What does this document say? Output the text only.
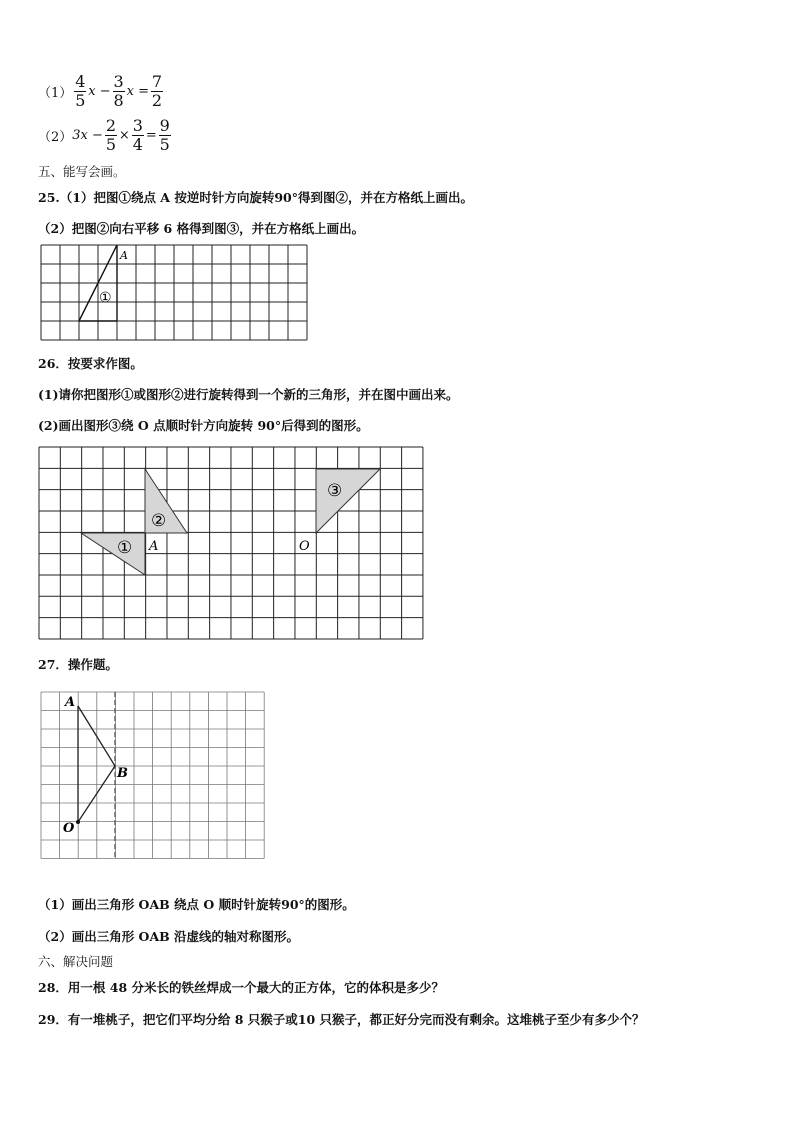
$(1) \frac{4}{5}$ $x - \frac{3}{8}$ $x = \frac{7}{2}$
（2） $3x - \frac{2}{5} \times \frac{3}{4} = \frac{9}{5}$
五、能写会画。
25.（1）把图①绕点 A 按逆时针方向旋转90°得到图②，并在方格纸上画出。
（2）把图②向右平移 6 格得到图③，并在方格纸上画出。
A
①
26．按要求作图。
(1)请你把图形①或图形②进行旋转得到一个新的三角形，并在图中画出来。
(2)画出图形③绕 O 点顺时针方向旋转 90°后得到的图形。
①
②
③
A	O
27．操作题。
A
B
O
（1）画出三角形 OAB 绕点 O 顺时针旋转90°的图形。
（2）画出三角形 OAB 沿虚线的轴对称图形。
六、解决问题
28．用一根 48 分米长的铁丝焊成一个最大的正方体，它的体积是多少？
29．有一堆桃子，把它们平均分给 8 只猴子或10 只猴子，都正好分完而没有剩余。这堆桃子至少有多少个？
